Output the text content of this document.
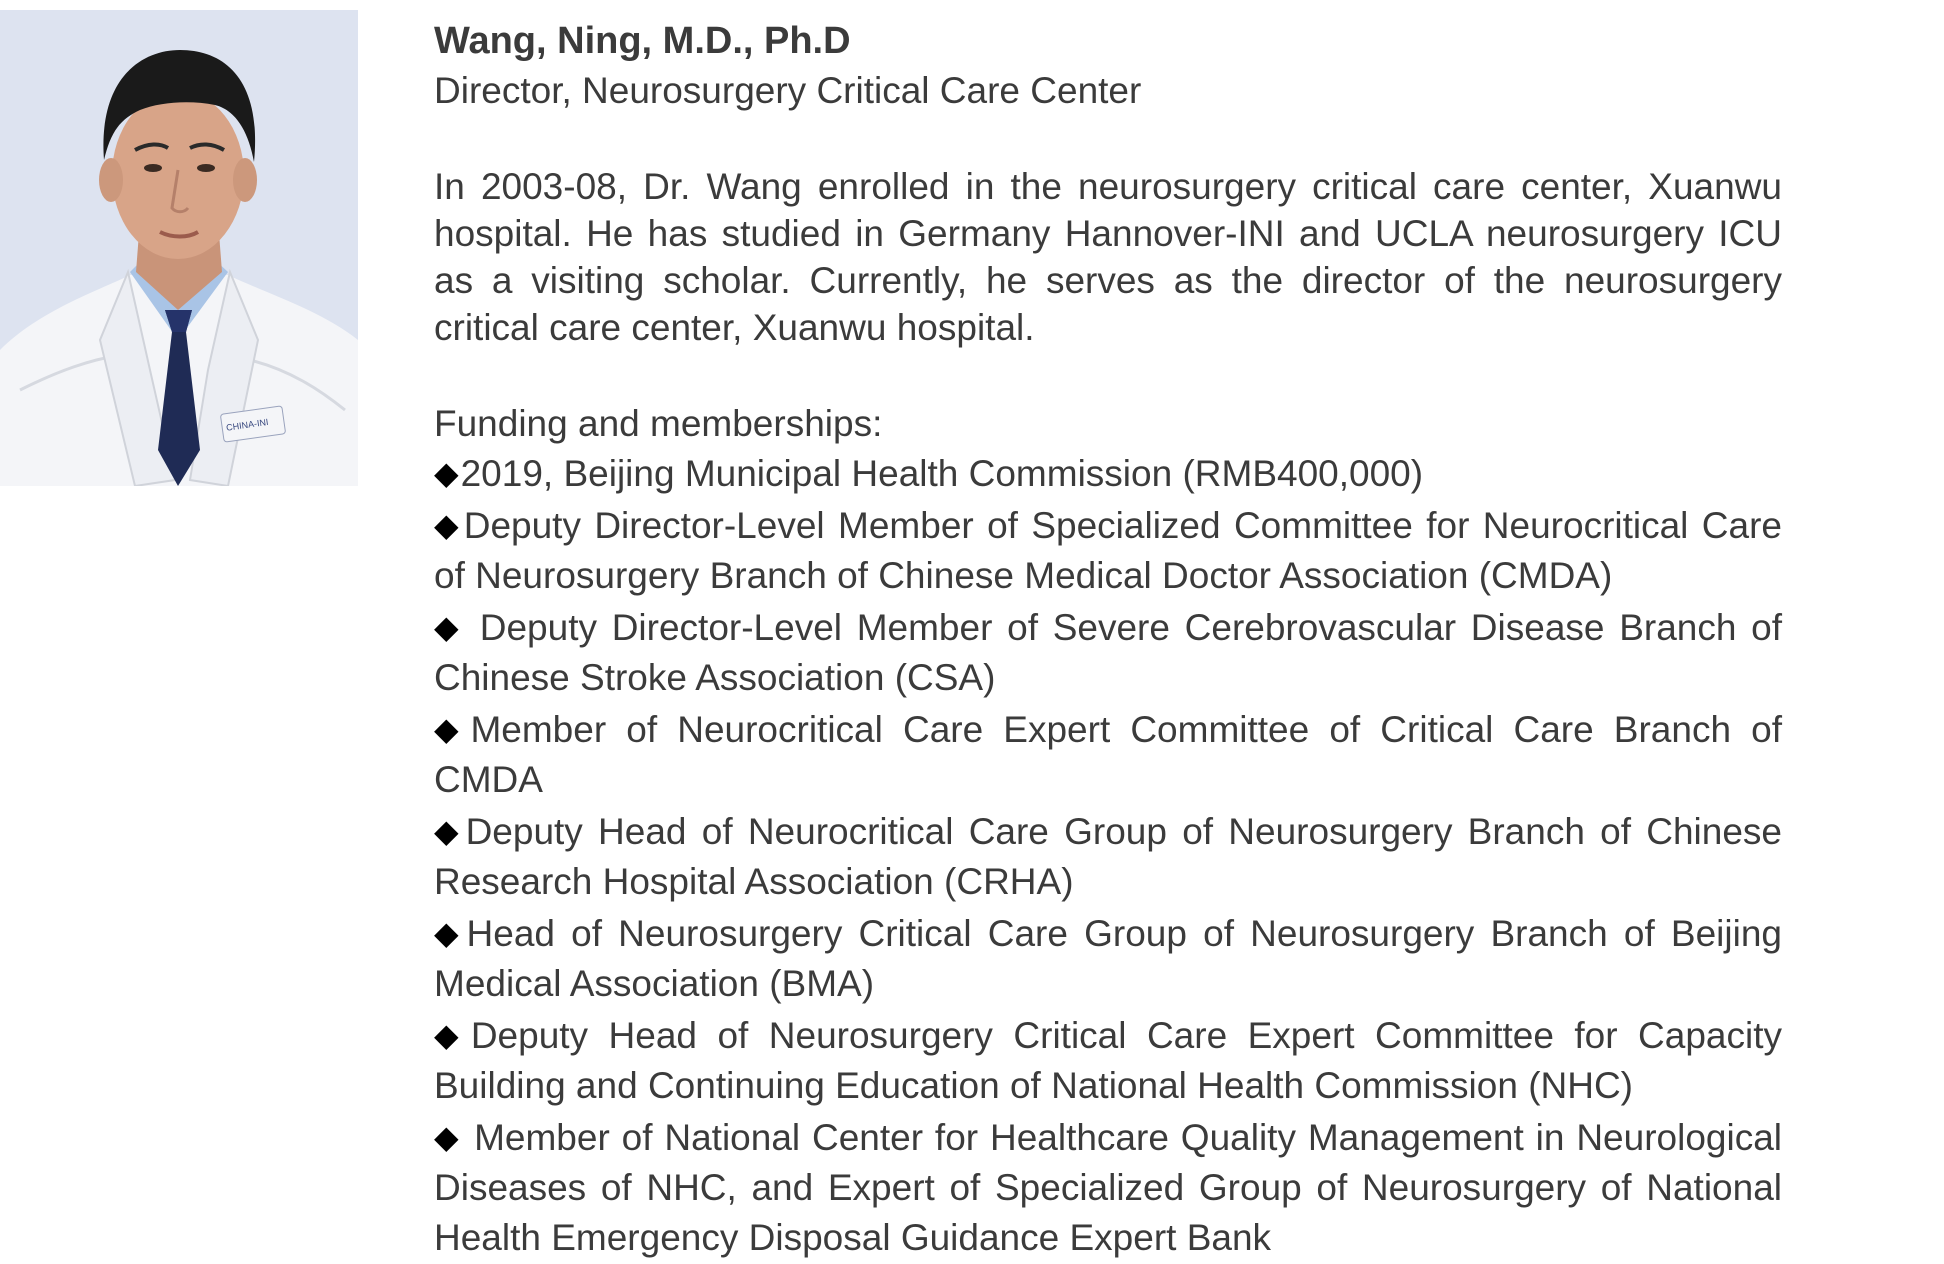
CHINA-INI
Wang, Ning, M.D., Ph.D
Director, Neurosurgery Critical Care Center
In 2003-08, Dr. Wang enrolled in the neurosurgery critical care center, Xuanwu hospital. He has studied in Germany Hannover-INI and UCLA neurosurgery ICU as a visiting scholar. Currently, he serves as the director of the neurosurgery critical care center, Xuanwu hospital.
Funding and memberships:
◆2019, Beijing Municipal Health Commission (RMB400,000)
◆Deputy Director-Level Member of Specialized Committee for Neurocritical Care of Neurosurgery Branch of Chinese Medical Doctor Association (CMDA)
◆ Deputy Director-Level Member of Severe Cerebrovascular Disease Branch of Chinese Stroke Association (CSA)
◆Member of Neurocritical Care Expert Committee of Critical Care Branch of CMDA
◆Deputy Head of Neurocritical Care Group of Neurosurgery Branch of Chinese Research Hospital Association (CRHA)
◆Head of Neurosurgery Critical Care Group of Neurosurgery Branch of Beijing Medical Association (BMA)
◆Deputy Head of Neurosurgery Critical Care Expert Committee for Capacity Building and Continuing Education of National Health Commission (NHC)
◆ Member of National Center for Healthcare Quality Management in Neurological Diseases of NHC, and Expert of Specialized Group of Neurosurgery of National Health Emergency Disposal Guidance Expert Bank
